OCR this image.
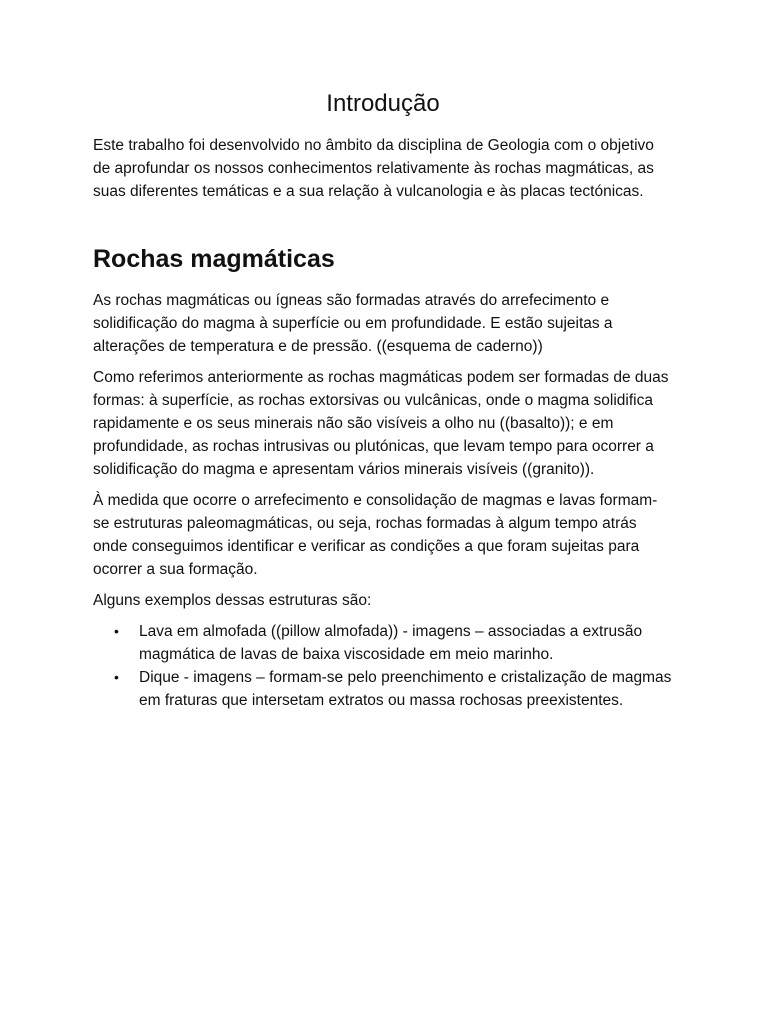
Introdução

Este trabalho foi desenvolvido no âmbito da disciplina de Geologia com o objetivo de aprofundar os nossos conhecimentos relativamente às rochas magmáticas, as suas diferentes temáticas e a sua relação à vulcanologia e às placas tectónicas.

Rochas magmáticas

As rochas magmáticas ou ígneas são formadas através do arrefecimento e solidificação do magma à superfície ou em profundidade. E estão sujeitas a alterações de temperatura e de pressão. ((esquema de caderno))

Como referimos anteriormente as rochas magmáticas podem ser formadas de duas formas: à superfície, as rochas extorsivas ou vulcânicas, onde o magma solidifica rapidamente e os seus minerais não são visíveis a olho nu ((basalto)); e em profundidade, as rochas intrusivas ou plutónicas, que levam tempo para ocorrer a solidificação do magma e apresentam vários minerais visíveis ((granito)).

À medida que ocorre o arrefecimento e consolidação de magmas e lavas formam-se estruturas paleomagmáticas, ou seja, rochas formadas à algum tempo atrás onde conseguimos identificar e verificar as condições a que foram sujeitas para ocorrer a sua formação.

Alguns exemplos dessas estruturas são:

• Lava em almofada ((pillow almofada)) - imagens – associadas a extrusão magmática de lavas de baixa viscosidade em meio marinho.
• Dique - imagens – formam-se pelo preenchimento e cristalização de magmas em fraturas que intersetam extratos ou massa rochosas preexistentes.
